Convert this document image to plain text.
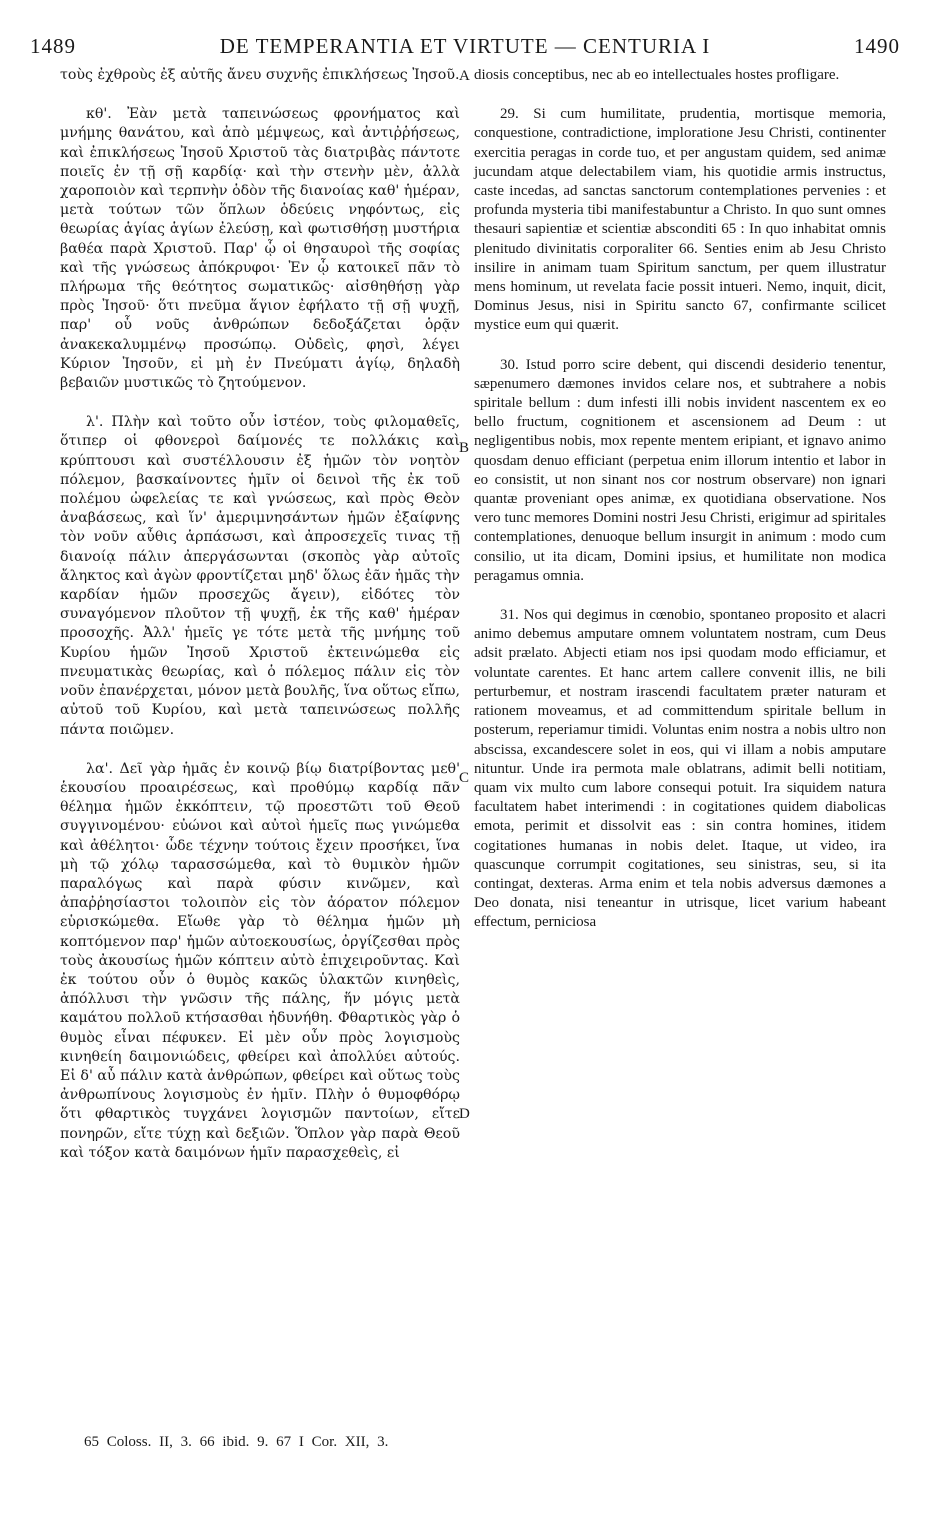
1489	DE TEMPERANTIA ET VIRTUTE — CENTURIA I	1490

τοὺς ἐχθροὺς ἐξ αὐτῆς ἄνευ συχνῆς ἐπικλήσεως Ἰησοῦ.

κθ'. Ἐὰν μετὰ ταπεινώσεως φρονήματος καὶ μνήμης θανάτου, καὶ ἀπὸ μέμψεως, καὶ ἀντιῤῥήσεως, καὶ ἐπικλήσεως Ἰησοῦ Χριστοῦ τὰς διατριβὰς πάντοτε ποιεῖς ἐν τῇ σῇ καρδίᾳ· καὶ τὴν στενὴν μὲν, ἀλλὰ χαροποιὸν καὶ τερπνὴν ὁδὸν τῆς διανοίας καθ' ἡμέραν, μετὰ τούτων τῶν ὅπλων ὁδεύεις νηφόντως, εἰς θεωρίας ἁγίας ἁγίων ἐλεύσῃ, καὶ φωτισθήσῃ μυστήρια βαθέα παρὰ Χριστοῦ. Παρ' ᾧ οἱ θησαυροὶ τῆς σοφίας καὶ τῆς γνώσεως ἀπόκρυφοι· Ἐν ᾧ κατοικεῖ πᾶν τὸ πλήρωμα τῆς θεότητος σωματικῶς· αἰσθηθήσῃ γὰρ πρὸς Ἰησοῦ· ὅτι πνεῦμα ἅγιον ἐφήλατο τῇ σῇ ψυχῇ, παρ' οὗ νοῦς ἀνθρώπων δεδοξάζεται ὁρᾷν ἀνακεκαλυμμένῳ προσώπῳ. Οὐδεὶς, φησὶ, λέγει Κύριον Ἰησοῦν, εἰ μὴ ἐν Πνεύματι ἁγίῳ, δηλαδὴ βεβαιῶν μυστικῶς τὸ ζητούμενον.

λ'. Πλὴν καὶ τοῦτο οὖν ἰστέον, τοὺς φιλομαθεῖς, ὅτιπερ οἱ φθονεροὶ δαίμονές τε πολλάκις καὶ κρύπτουσι καὶ συστέλλουσιν ἐξ ἡμῶν τὸν νοητὸν πόλεμον, βασκαίνοντες ἡμῖν οἱ δεινοὶ τῆς ἐκ τοῦ πολέμου ὠφελείας τε καὶ γνώσεως, καὶ πρὸς Θεὸν ἀναβάσεως, καὶ ἵν' ἀμεριμνησάντων ἡμῶν ἐξαίφνης τὸν νοῦν αὖθις ἁρπάσωσι, καὶ ἀπροσεχεῖς τινας τῇ διανοίᾳ πάλιν ἀπεργάσωνται (σκοπὸς γὰρ αὐτοῖς ἄληκτος καὶ ἀγὼν φροντίζεται μηδ' ὅλως ἐᾶν ἡμᾶς τὴν καρδίαν ἡμῶν προσεχῶς ἄγειν), εἰδότες τὸν συναγόμενον πλοῦτον τῇ ψυχῇ, ἐκ τῆς καθ' ἡμέραν προσοχῆς. Ἀλλ' ἡμεῖς γε τότε μετὰ τῆς μνήμης τοῦ Κυρίου ἡμῶν Ἰησοῦ Χριστοῦ ἐκτεινώμεθα εἰς πνευματικὰς θεωρίας, καὶ ὁ πόλεμος πάλιν εἰς τὸν νοῦν ἐπανέρχεται, μόνον μετὰ βουλῆς, ἵνα οὕτως εἴπω, αὐτοῦ τοῦ Κυρίου, καὶ μετὰ ταπεινώσεως πολλῆς πάντα ποιῶμεν.

λα'. Δεῖ γὰρ ἡμᾶς ἐν κοινῷ βίῳ διατρίβοντας μεθ' ἑκουσίου προαιρέσεως, καὶ προθύμῳ καρδίᾳ πᾶν θέλημα ἡμῶν ἐκκόπτειν, τῷ προεστῶτι τοῦ Θεοῦ συγγινομένου· εὐώνοι καὶ αὐτοὶ ἡμεῖς πως γινώμεθα καὶ ἀθέλητοι· ὧδε τέχνην τούτοις ἔχειν προσήκει, ἵνα μὴ τῷ χόλῳ ταρασσώμεθα, καὶ τὸ θυμικὸν ἡμῶν παραλόγως καὶ παρὰ φύσιν κινῶμεν, καὶ ἀπαῤῥησίαστοι τολοιπὸν εἰς τὸν ἀόρατον πόλεμον εὑρισκώμεθα. Εἴωθε γὰρ τὸ θέλημα ἡμῶν μὴ κοπτόμενον παρ' ἡμῶν αὐτοεκουσίως, ὀργίζεσθαι πρὸς τοὺς ἀκουσίως ἡμῶν κόπτειν αὐτὸ ἐπιχειροῦντας. Καὶ ἐκ τούτου οὖν ὁ θυμὸς κακῶς ὑλακτῶν κινηθεὶς, ἀπόλλυσι τὴν γνῶσιν τῆς πάλης, ἥν μόγις μετὰ καμάτου πολλοῦ κτήσασθαι ἠδυνήθη. Φθαρτικὸς γὰρ ὁ θυμὸς εἶναι πέφυκεν. Εἰ μὲν οὖν πρὸς λογισμοὺς κινηθείη δαιμονιώδεις, φθείρει καὶ ἀπολλύει αὐτούς. Εἰ δ' αὖ πάλιν κατὰ ἀνθρώπων, φθείρει καὶ οὕτως τοὺς ἀνθρωπίνους λογισμοὺς ἐν ἡμῖν. Πλὴν ὁ θυμοφθόρῳ ὅτι φθαρτικὸς τυγχάνει λογισμῶν παντοίων, εἴτε πονηρῶν, εἴτε τύχῃ καὶ δεξιῶν. Ὅπλον γὰρ παρὰ Θεοῦ καὶ τόξον κατὰ δαιμόνων ἡμῖν παρασχεθεὶς, εἰ

diosis conceptibus, nec ab eo intellectuales hostes profligare.

29. Si cum humilitate, prudentia, mortisque memoria, conquestione, contradictione, imploratione Jesu Christi, continenter exercitia peragas in corde tuo, et per angustam quidem, sed animæ jucundam atque delectabilem viam, his quotidie armis instructus, caste incedas, ad sanctas sanctorum contemplationes pervenies : et profunda mysteria tibi manifestabuntur a Christo. In quo sunt omnes thesauri sapientiæ et scientiæ absconditi 65 : In quo inhabitat omnis plenitudo divinitatis corporaliter 66. Senties enim ab Jesu Christo insilire in animam tuam Spiritum sanctum, per quem illustratur mens hominum, ut revelata facie possit intueri. Nemo, inquit, dicit, Dominus Jesus, nisi in Spiritu sancto 67, confirmante scilicet mystice eum qui quærit.

30. Istud porro scire debent, qui discendi desiderio tenentur, sæpenumero dæmones invidos celare nos, et subtrahere a nobis spiritale bellum : dum infesti illi nobis invident nascentem ex eo bello fructum, cognitionem et ascensionem ad Deum : ut negligentibus nobis, mox repente mentem eripiant, et ignavo animo quosdam denuo efficiant (perpetua enim illorum intentio et labor in eo consistit, ut non sinant nos cor nostrum observare) non ignari quantæ proveniant opes animæ, ex quotidiana observatione. Nos vero tunc memores Domini nostri Jesu Christi, erigimur ad spiritales contemplationes, denuoque bellum insurgit in animum : modo cum consilio, ut ita dicam, Domini ipsius, et humilitate non modica peragamus omnia.

31. Nos qui degimus in cœnobio, spontaneo proposito et alacri animo debemus amputare omnem voluntatem nostram, cum Deus adsit prælato. Abjecti etiam nos ipsi quodam modo efficiamur, et voluntate carentes. Et hanc artem callere convenit illis, ne bili perturbemur, et nostram irascendi facultatem præter naturam et rationem moveamus, et ad committendum spiritale bellum in posterum, reperiamur timidi. Voluntas enim nostra a nobis ultro non abscissa, excandescere solet in eos, qui vi illam a nobis amputare nituntur. Unde ira permota male oblatrans, adimit belli notitiam, quam vix multo cum labore consequi potuit. Ira siquidem natura facultatem habet interimendi : in cogitationes quidem diabolicas emota, perimit et dissolvit eas : sin contra homines, itidem cogitationes humanas in nobis delet. Itaque, ut video, ira quascunque corrumpit cogitationes, seu sinistras, seu, si ita contingat, dexteras. Arma enim et tela nobis adversus dæmones a Deo donata, nisi teneantur in utrisque, licet varium habeant effectum, perniciosa

A
B
C
D
65 Coloss. II, 3. 66 ibid. 9. 67 I Cor. XII, 3.
